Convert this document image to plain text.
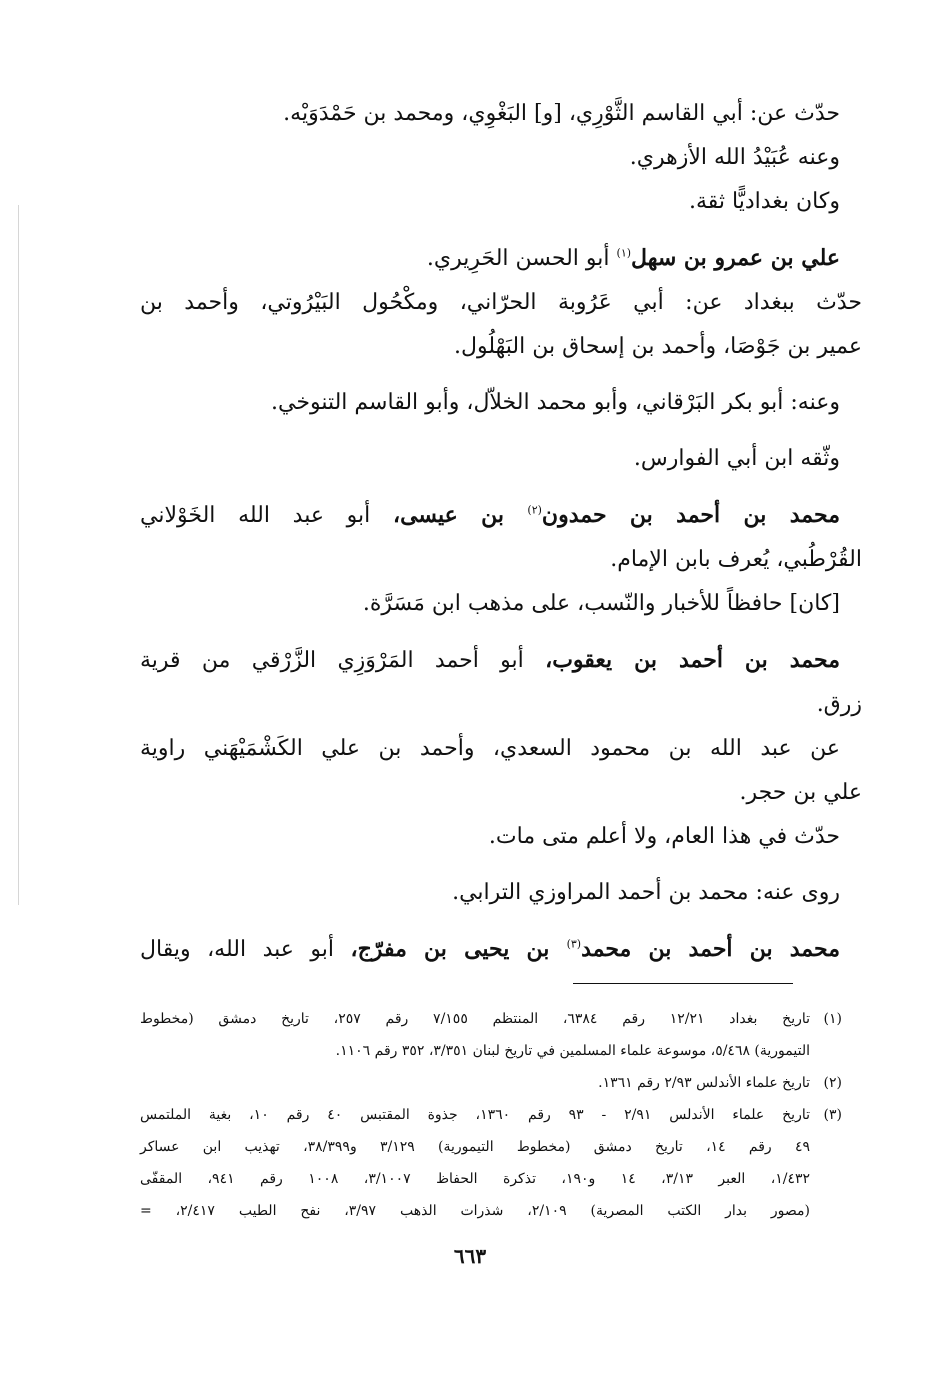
حدّث عن: أبي القاسم الثَّوْرِي، [و] البَغْوِي، ومحمد بن حَمْدَوَيْه.
وعنه عُبَيْدُ الله الأزهري.
وكان بغداديًّا ثقة.
علي بن عمرو بن سهل$^{(١)}$ أبو الحسن الحَرِيري.
حدّث ببغداد عن: أبي عَرُوبة الحرّاني، ومكْحُول البَيْرُوتي، وأحمد بن
عمير بن جَوْصَا، وأحمد بن إسحاق بن البَهْلُول.
وعنه: أبو بكر البَرْقاني، وأبو محمد الخلاّل، وأبو القاسم التنوخي.
وثّقه ابن أبي الفوارس.
محمد بن أحمد بن حمدون$^{(٢)}$ بن عيسى، أبو عبد الله الخَوْلاني
القُرْطُبي، يُعرف بابن الإمام.
[كان] حافظاً للأخبار والنّسب، على مذهب ابن مَسَرَّة.
محمد بن أحمد بن يعقوب، أبو أحمد المَرْوَزِي الزَّرْقي من قرية
زرق.
عن عبد الله بن محمود السعدي، وأحمد بن علي الكَشْمَيْهَني راوية
علي بن حجر.
حدّث في هذا العام، ولا أعلم متى مات.
روى عنه: محمد بن أحمد المراوزي الترابي.
محمد بن أحمد بن محمد$^{(٣)}$ بن يحيى بن مفرّج، أبو عبد الله، ويقال
(١)
تاريخ بغداد ١٢/٢١ رقم ٦٣٨٤، المنتظم ٧/١٥٥ رقم ٢٥٧، تاريخ دمشق (مخطوط
التيمورية) ٥/٤٦٨، موسوعة علماء المسلمين في تاريخ لبنان ٣/٣٥١، ٣٥٢ رقم ١١٠٦.
(٢)
تاريخ علماء الأندلس ٢/٩٣ رقم ١٣٦١.
(٣)
تاريخ علماء الأندلس ٢/٩١ - ٩٣ رقم ١٣٦٠، جذوة المقتبس ٤٠ رقم ١٠، بغية الملتمس
٤٩ رقم ١٤، تاريخ دمشق (مخطوط التيمورية) ٣/١٢٩ و٣٨/٣٩٩، تهذيب ابن عساكر
١/٤٣٢، العبر ٣/١٣، ١٤ و١٩٠، تذكرة الحفاظ ٣/١٠٠٧، ١٠٠٨ رقم ٩٤١، المقفّى
(مصور بدار الكتب المصرية) ٢/١٠٩، شذرات الذهب ٣/٩٧، نفح الطيب ٢/٤١٧، =
٦٦٣
